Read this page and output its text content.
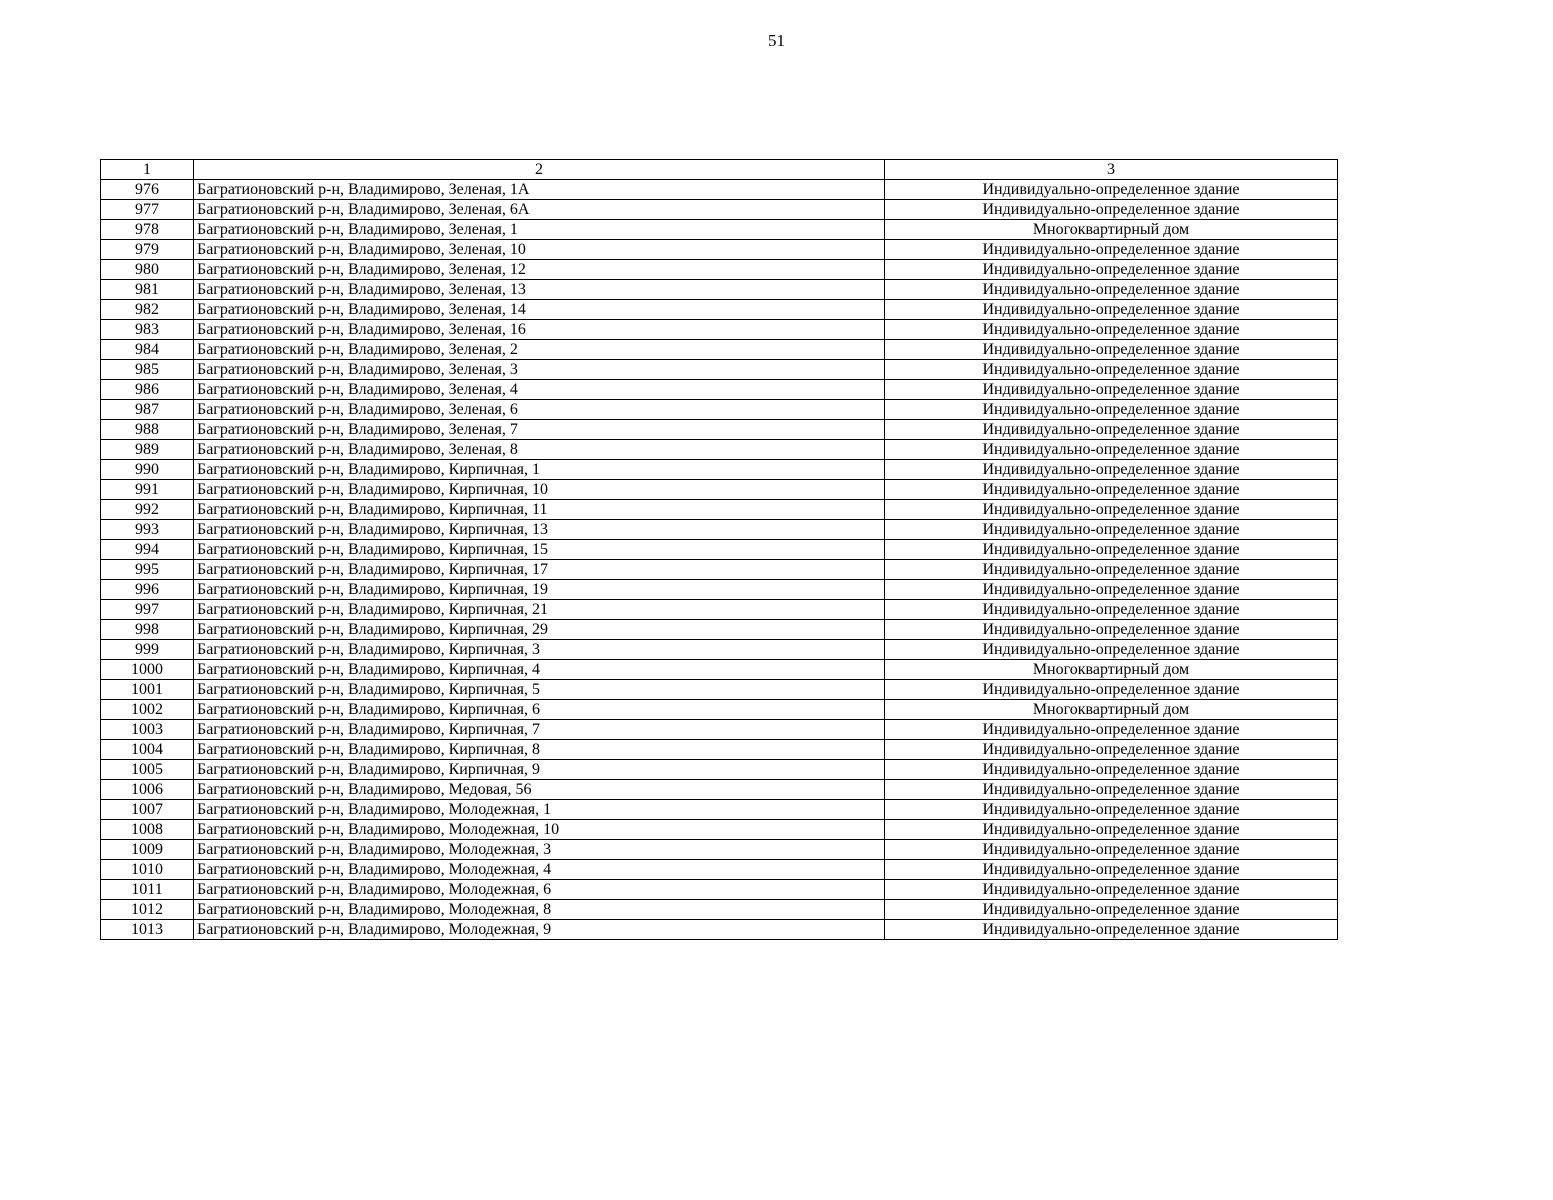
51
1	2	3
976	Багратионовский р-н, Владимирово, Зеленая, 1А	Индивидуально-определенное здание
977	Багратионовский р-н, Владимирово, Зеленая, 6А	Индивидуально-определенное здание
978	Багратионовский р-н, Владимирово, Зеленая, 1	Многоквартирный дом
979	Багратионовский р-н, Владимирово, Зеленая, 10	Индивидуально-определенное здание
980	Багратионовский р-н, Владимирово, Зеленая, 12	Индивидуально-определенное здание
981	Багратионовский р-н, Владимирово, Зеленая, 13	Индивидуально-определенное здание
982	Багратионовский р-н, Владимирово, Зеленая, 14	Индивидуально-определенное здание
983	Багратионовский р-н, Владимирово, Зеленая, 16	Индивидуально-определенное здание
984	Багратионовский р-н, Владимирово, Зеленая, 2	Индивидуально-определенное здание
985	Багратионовский р-н, Владимирово, Зеленая, 3	Индивидуально-определенное здание
986	Багратионовский р-н, Владимирово, Зеленая, 4	Индивидуально-определенное здание
987	Багратионовский р-н, Владимирово, Зеленая, 6	Индивидуально-определенное здание
988	Багратионовский р-н, Владимирово, Зеленая, 7	Индивидуально-определенное здание
989	Багратионовский р-н, Владимирово, Зеленая, 8	Индивидуально-определенное здание
990	Багратионовский р-н, Владимирово, Кирпичная, 1	Индивидуально-определенное здание
991	Багратионовский р-н, Владимирово, Кирпичная, 10	Индивидуально-определенное здание
992	Багратионовский р-н, Владимирово, Кирпичная, 11	Индивидуально-определенное здание
993	Багратионовский р-н, Владимирово, Кирпичная, 13	Индивидуально-определенное здание
994	Багратионовский р-н, Владимирово, Кирпичная, 15	Индивидуально-определенное здание
995	Багратионовский р-н, Владимирово, Кирпичная, 17	Индивидуально-определенное здание
996	Багратионовский р-н, Владимирово, Кирпичная, 19	Индивидуально-определенное здание
997	Багратионовский р-н, Владимирово, Кирпичная, 21	Индивидуально-определенное здание
998	Багратионовский р-н, Владимирово, Кирпичная, 29	Индивидуально-определенное здание
999	Багратионовский р-н, Владимирово, Кирпичная, 3	Индивидуально-определенное здание
1000	Багратионовский р-н, Владимирово, Кирпичная, 4	Многоквартирный дом
1001	Багратионовский р-н, Владимирово, Кирпичная, 5	Индивидуально-определенное здание
1002	Багратионовский р-н, Владимирово, Кирпичная, 6	Многоквартирный дом
1003	Багратионовский р-н, Владимирово, Кирпичная, 7	Индивидуально-определенное здание
1004	Багратионовский р-н, Владимирово, Кирпичная, 8	Индивидуально-определенное здание
1005	Багратионовский р-н, Владимирово, Кирпичная, 9	Индивидуально-определенное здание
1006	Багратионовский р-н, Владимирово, Медовая, 56	Индивидуально-определенное здание
1007	Багратионовский р-н, Владимирово, Молодежная, 1	Индивидуально-определенное здание
1008	Багратионовский р-н, Владимирово, Молодежная, 10	Индивидуально-определенное здание
1009	Багратионовский р-н, Владимирово, Молодежная, 3	Индивидуально-определенное здание
1010	Багратионовский р-н, Владимирово, Молодежная, 4	Индивидуально-определенное здание
1011	Багратионовский р-н, Владимирово, Молодежная, 6	Индивидуально-определенное здание
1012	Багратионовский р-н, Владимирово, Молодежная, 8	Индивидуально-определенное здание
1013	Багратионовский р-н, Владимирово, Молодежная, 9	Индивидуально-определенное здание
